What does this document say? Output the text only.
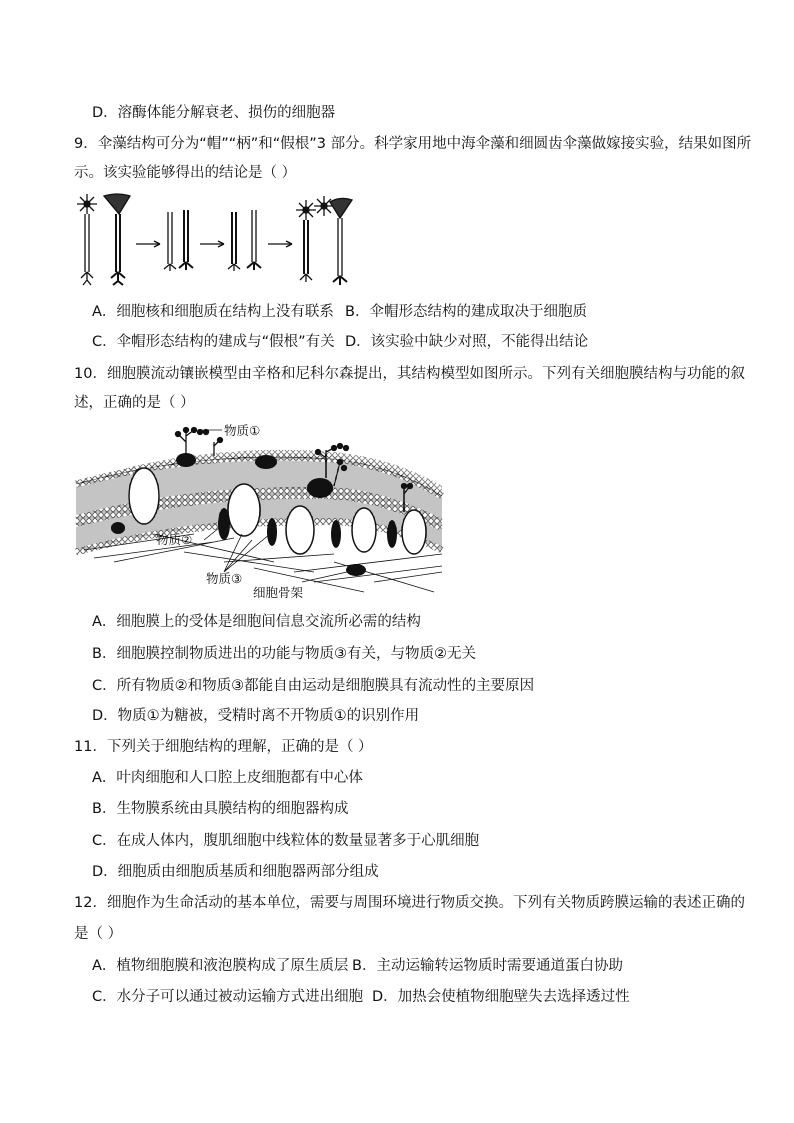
D．溶酶体能分解衰老、损伤的细胞器
9．伞藻结构可分为“帽”“柄”和“假根”3 部分。科学家用地中海伞藻和细圆齿伞藻做嫁接实验，结果如图所
示。该实验能够得出的结论是（ ）
A．细胞核和细胞质在结构上没有联系 B．伞帽形态结构的建成取决于细胞质
C．伞帽形态结构的建成与“假根”有关 D．该实验中缺少对照，不能得出结论
10．细胞膜流动镶嵌模型由辛格和尼科尔森提出，其结构模型如图所示。下列有关细胞膜结构与功能的叙
述，正确的是（ ）
物质①
物质②
物质③
细胞骨架
A．细胞膜上的受体是细胞间信息交流所必需的结构
B．细胞膜控制物质进出的功能与物质③有关，与物质②无关
C．所有物质②和物质③都能自由运动是细胞膜具有流动性的主要原因
D．物质①为糖被，受精时离不开物质①的识别作用
11．下列关于细胞结构的理解，正确的是（ ）
A．叶肉细胞和人口腔上皮细胞都有中心体
B．生物膜系统由具膜结构的细胞器构成
C．在成人体内，腹肌细胞中线粒体的数量显著多于心肌细胞
D．细胞质由细胞质基质和细胞器两部分组成
12．细胞作为生命活动的基本单位，需要与周围环境进行物质交换。下列有关物质跨膜运输的表述正确的
是（ ）
A．植物细胞膜和液泡膜构成了原生质层 B．主动运输转运物质时需要通道蛋白协助
C．水分子可以通过被动运输方式进出细胞 D．加热会使植物细胞壁失去选择透过性
